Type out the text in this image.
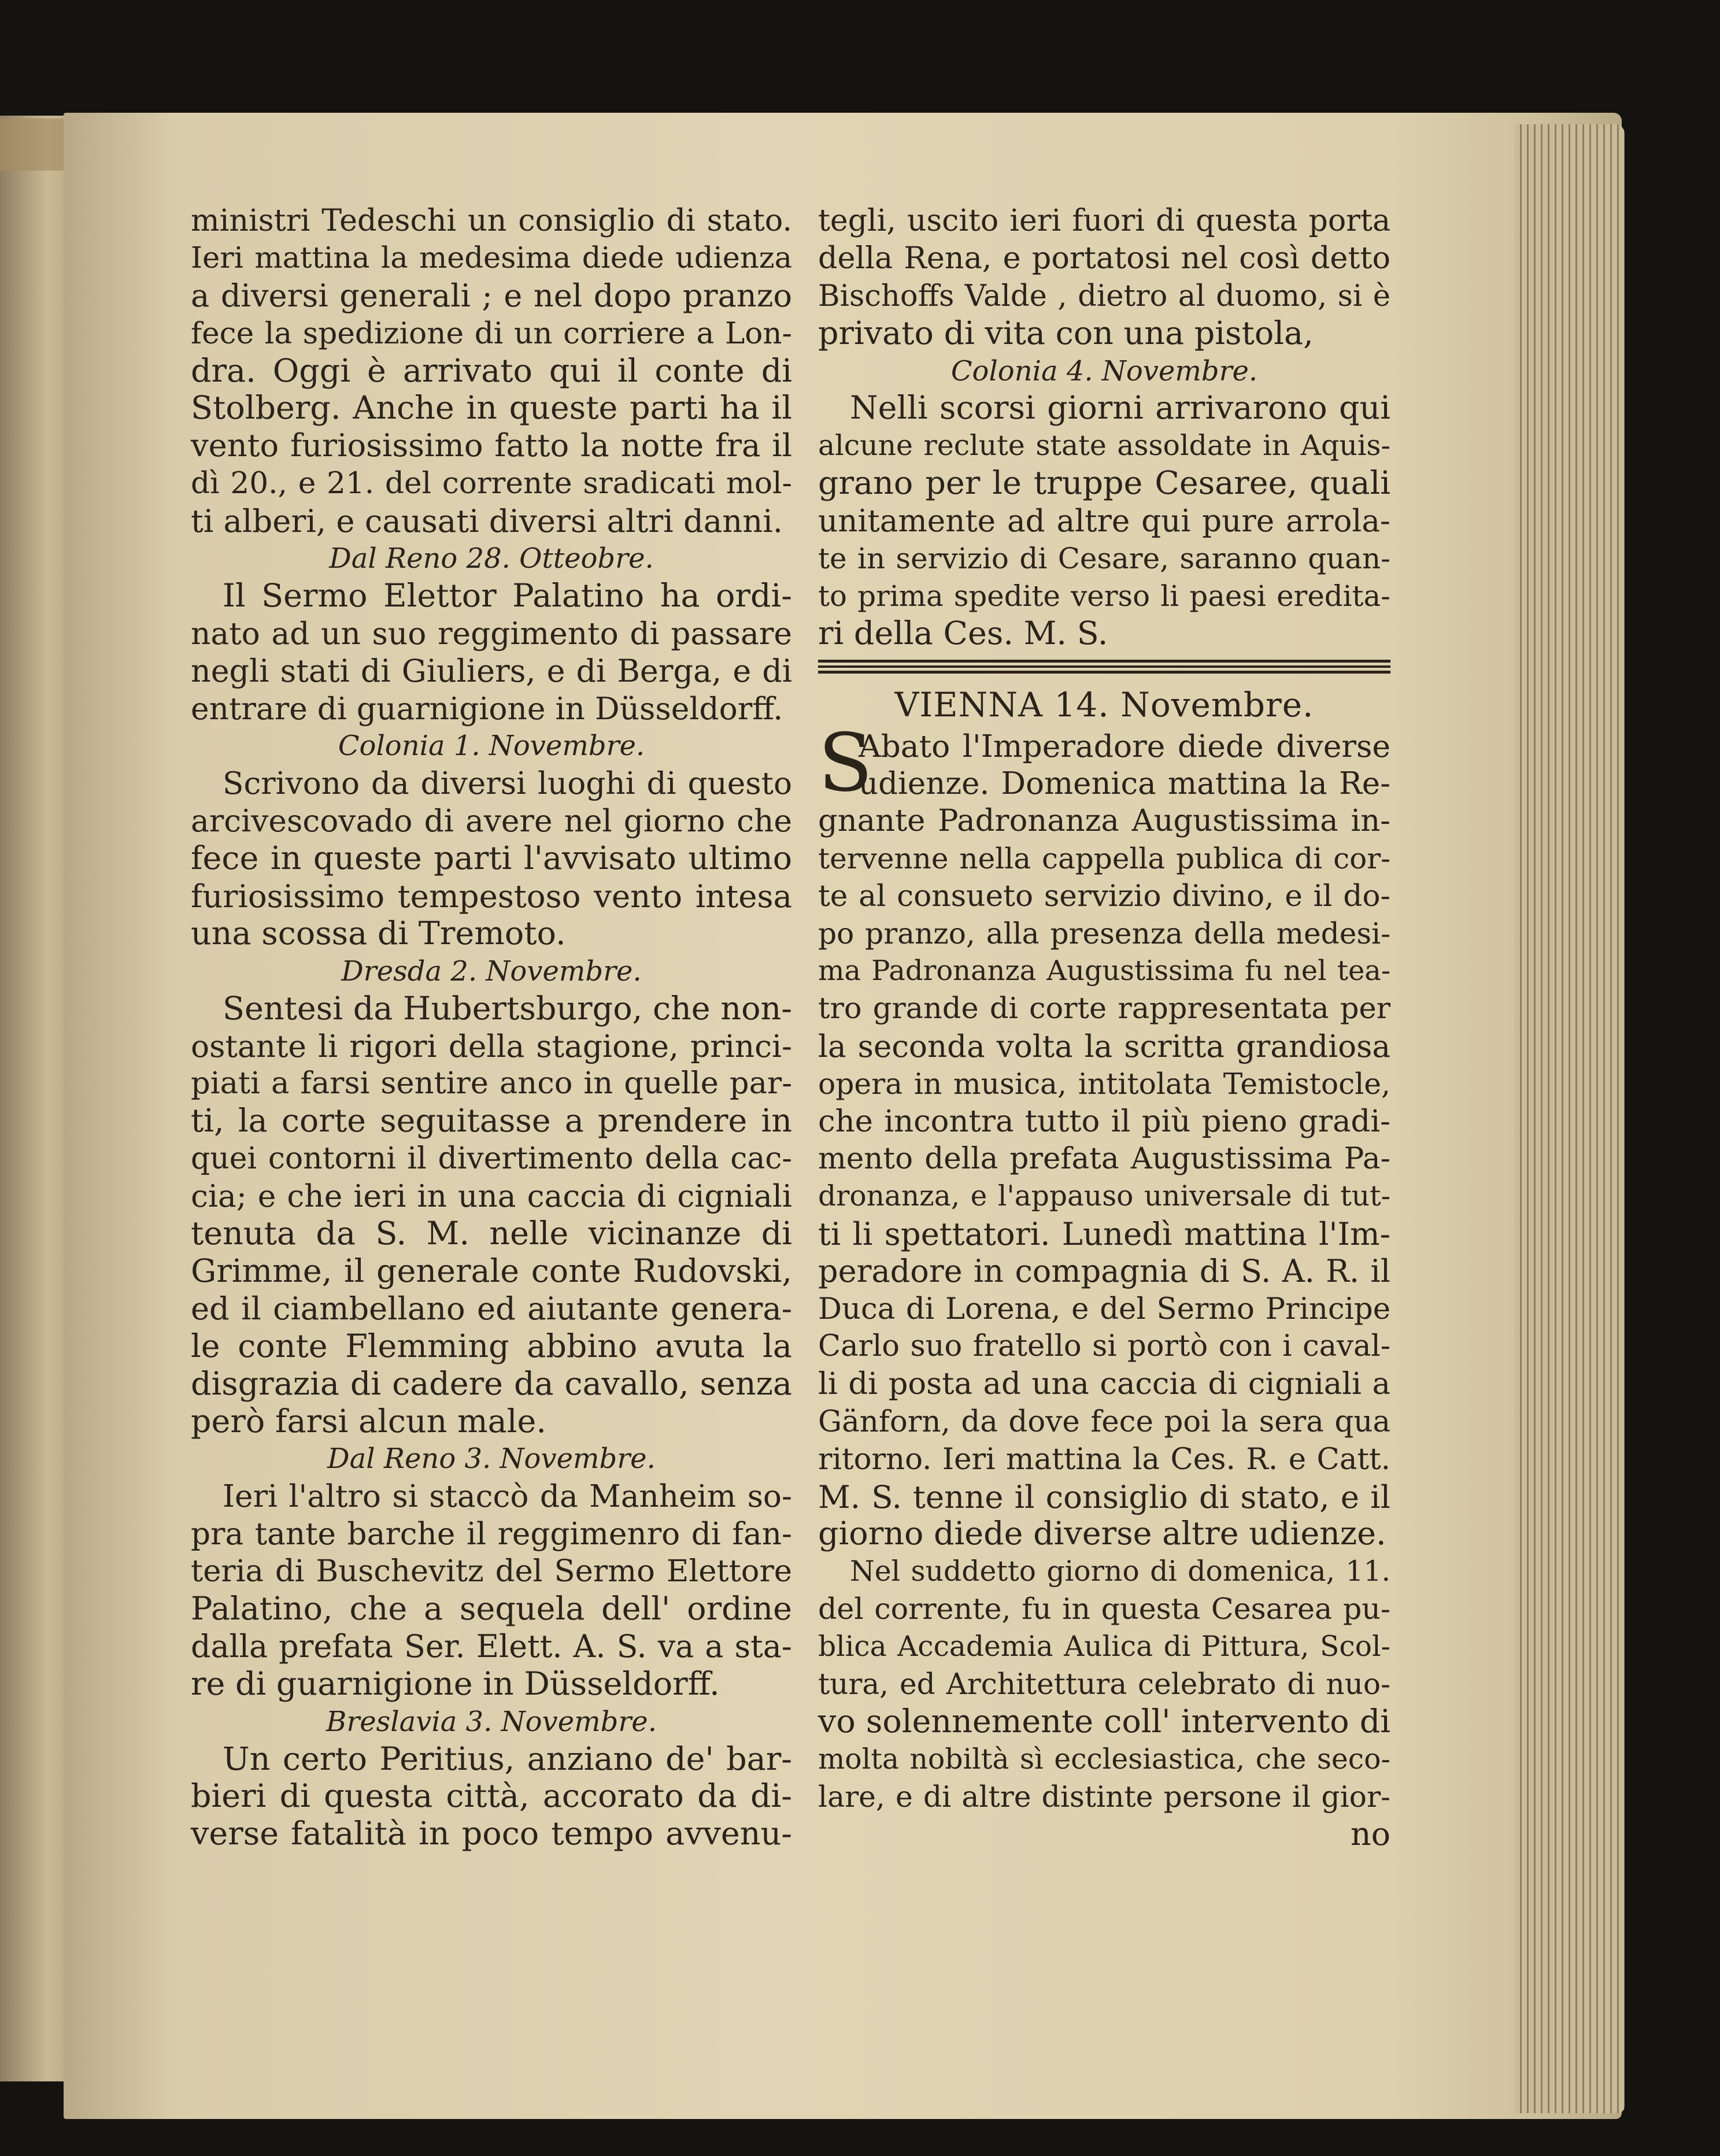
ministri Tedeschi un consiglio di stato.
Ieri mattina la medesima diede udienza
a diversi generali ; e nel dopo pranzo
fece la spedizione di un corriere a Lon-
dra. Oggi è arrivato qui il conte di
Stolberg. Anche in queste parti ha il
vento furiosissimo fatto la notte fra il
dì 20., e 21. del corrente sradicati mol-
ti alberi, e causati diversi altri danni.
Dal Reno 28. Otteobre.
Il Sermo Elettor Palatino ha ordi-
nato ad un suo reggimento di passare
negli stati di Giuliers, e di Berga, e di
entrare di guarnigione in Düsseldorff.
Colonia 1. Novembre.
Scrivono da diversi luoghi di questo
arcivescovado di avere nel giorno che
fece in queste parti l'avvisato ultimo
furiosissimo tempestoso vento intesa
una scossa di Tremoto.
Dresda 2. Novembre.
Sentesi da Hubertsburgo, che non-
ostante li rigori della stagione, princi-
piati a farsi sentire anco in quelle par-
ti, la corte seguitasse a prendere in
quei contorni il divertimento della cac-
cia; e che ieri in una caccia di cigniali
tenuta da S. M. nelle vicinanze di
Grimme, il generale conte Rudovski,
ed il ciambellano ed aiutante genera-
le conte Flemming abbino avuta la
disgrazia di cadere da cavallo, senza
però farsi alcun male.
Dal Reno 3. Novembre.
Ieri l'altro si staccò da Manheim so-
pra tante barche il reggimenro di fan-
teria di Buschevitz del Sermo Elettore
Palatino, che a sequela dell' ordine
dalla prefata Ser. Elett. A. S. va a sta-
re di guarnigione in Düsseldorff.
Breslavia 3. Novembre.
Un certo Peritius, anziano de' bar-
bieri di questa città, accorato da di-
verse fatalità in poco tempo avvenu-
tegli, uscito ieri fuori di questa porta
della Rena, e portatosi nel così detto
Bischoffs Valde , dietro al duomo, si è
privato di vita con una pistola,
Colonia 4. Novembre.
Nelli scorsi giorni arrivarono qui
alcune reclute state assoldate in Aquis-
grano per le truppe Cesaree, quali
unitamente ad altre qui pure arrola-
te in servizio di Cesare, saranno quan-
to prima spedite verso li paesi eredita-
ri della Ces. M. S.
VIENNA 14. Novembre.
S
Abato l'Imperadore diede diverse
udienze. Domenica mattina la Re-
gnante Padronanza Augustissima in-
tervenne nella cappella publica di cor-
te al consueto servizio divino, e il do-
po pranzo, alla presenza della medesi-
ma Padronanza Augustissima fu nel tea-
tro grande di corte rappresentata per
la seconda volta la scritta grandiosa
opera in musica, intitolata Temistocle,
che incontra tutto il più pieno gradi-
mento della prefata Augustissima Pa-
dronanza, e l'appauso universale di tut-
ti li spettatori. Lunedì mattina l'Im-
peradore in compagnia di S. A. R. il
Duca di Lorena, e del Sermo Principe
Carlo suo fratello si portò con i caval-
li di posta ad una caccia di cigniali a
Gänforn, da dove fece poi la sera qua
ritorno. Ieri mattina la Ces. R. e Catt.
M. S. tenne il consiglio di stato, e il
giorno diede diverse altre udienze.
Nel suddetto giorno di domenica, 11.
del corrente, fu in questa Cesarea pu-
blica Accademia Aulica di Pittura, Scol-
tura, ed Architettura celebrato di nuo-
vo solennemente coll' intervento di
molta nobiltà sì ecclesiastica, che seco-
lare, e di altre distinte persone il gior-
no
